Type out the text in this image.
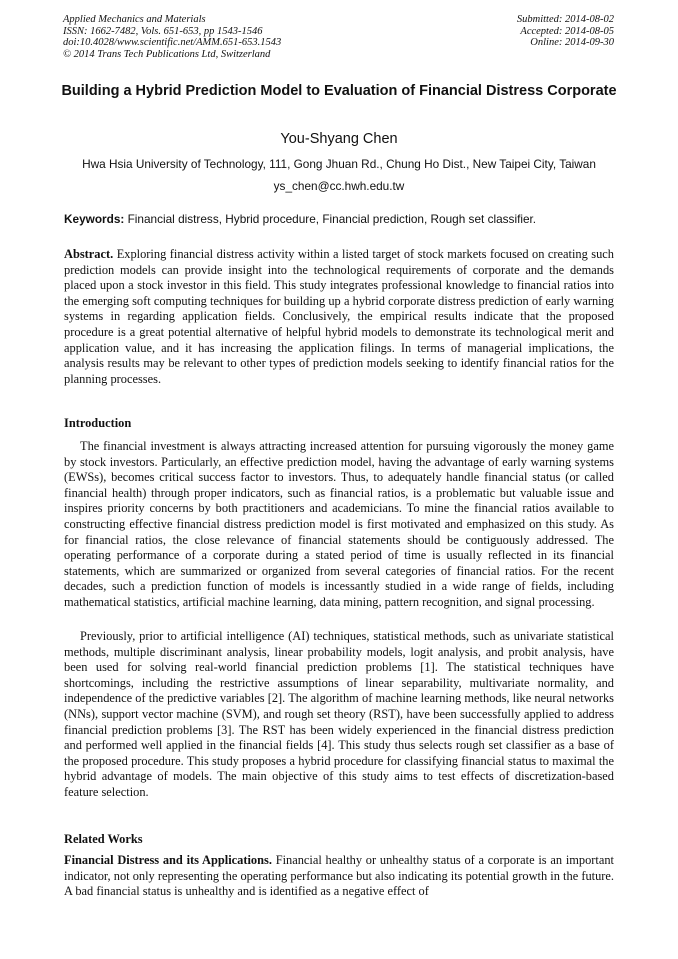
Applied Mechanics and Materials
ISSN: 1662-7482, Vols. 651-653, pp 1543-1546
doi:10.4028/www.scientific.net/AMM.651-653.1543
© 2014 Trans Tech Publications Ltd, Switzerland
Submitted: 2014-08-02
Accepted: 2014-08-05
Online: 2014-09-30
Building a Hybrid Prediction Model to Evaluation of Financial Distress Corporate
You-Shyang Chen
Hwa Hsia University of Technology, 111, Gong Jhuan Rd., Chung Ho Dist., New Taipei City, Taiwan
ys_chen@cc.hwh.edu.tw
Keywords: Financial distress, Hybrid procedure, Financial prediction, Rough set classifier.

Abstract. Exploring financial distress activity within a listed target of stock markets focused on creating such prediction models can provide insight into the technological requirements of corporate and the demands placed upon a stock investor in this field. This study integrates professional knowledge to financial ratios into the emerging soft computing techniques for building up a hybrid corporate distress prediction of early warning systems in regarding application fields. Conclusively, the empirical results indicate that the proposed procedure is a great potential alternative of helpful hybrid models to demonstrate its technological merit and application value, and it has increasing the application filings. In terms of managerial implications, the analysis results may be relevant to other types of prediction models seeking to identify financial ratios for the planning processes.

Introduction

The financial investment is always attracting increased attention for pursuing vigorously the money game by stock investors. Particularly, an effective prediction model, having the advantage of early warning systems (EWSs), becomes critical success factor to investors. Thus, to adequately handle financial status (or called financial health) through proper indicators, such as financial ratios, is a problematic but valuable issue and inspires priority concerns by both practitioners and academicians. To mine the financial ratios available to constructing effective financial distress prediction model is first motivated and emphasized on this study. As for financial ratios, the close relevance of financial statements should be contiguously addressed. The operating performance of a corporate during a stated period of time is usually reflected in its financial statements, which are summarized or organized from several categories of financial ratios. For the recent decades, such a prediction function of models is incessantly studied in a wide range of fields, including mathematical statistics, artificial machine learning, data mining, pattern recognition, and signal processing.

Previously, prior to artificial intelligence (AI) techniques, statistical methods, such as univariate statistical methods, multiple discriminant analysis, linear probability models, logit analysis, and probit analysis, have been used for solving real-world financial prediction problems [1]. The statistical techniques have shortcomings, including the restrictive assumptions of linear separability, multivariate normality, and independence of the predictive variables [2]. The algorithm of machine learning methods, like neural networks (NNs), support vector machine (SVM), and rough set theory (RST), have been successfully applied to address financial prediction problems [3]. The RST has been widely experienced in the financial distress prediction and performed well applied in the financial fields [4]. This study thus selects rough set classifier as a base of the proposed procedure. This study proposes a hybrid procedure for classifying financial status to maximal the hybrid advantage of models. The main objective of this study aims to test effects of discretization-based feature selection.

Related Works

Financial Distress and its Applications. Financial healthy or unhealthy status of a corporate is an important indicator, not only representing the operating performance but also indicating its potential growth in the future. A bad financial status is unhealthy and is identified as a negative effect of
